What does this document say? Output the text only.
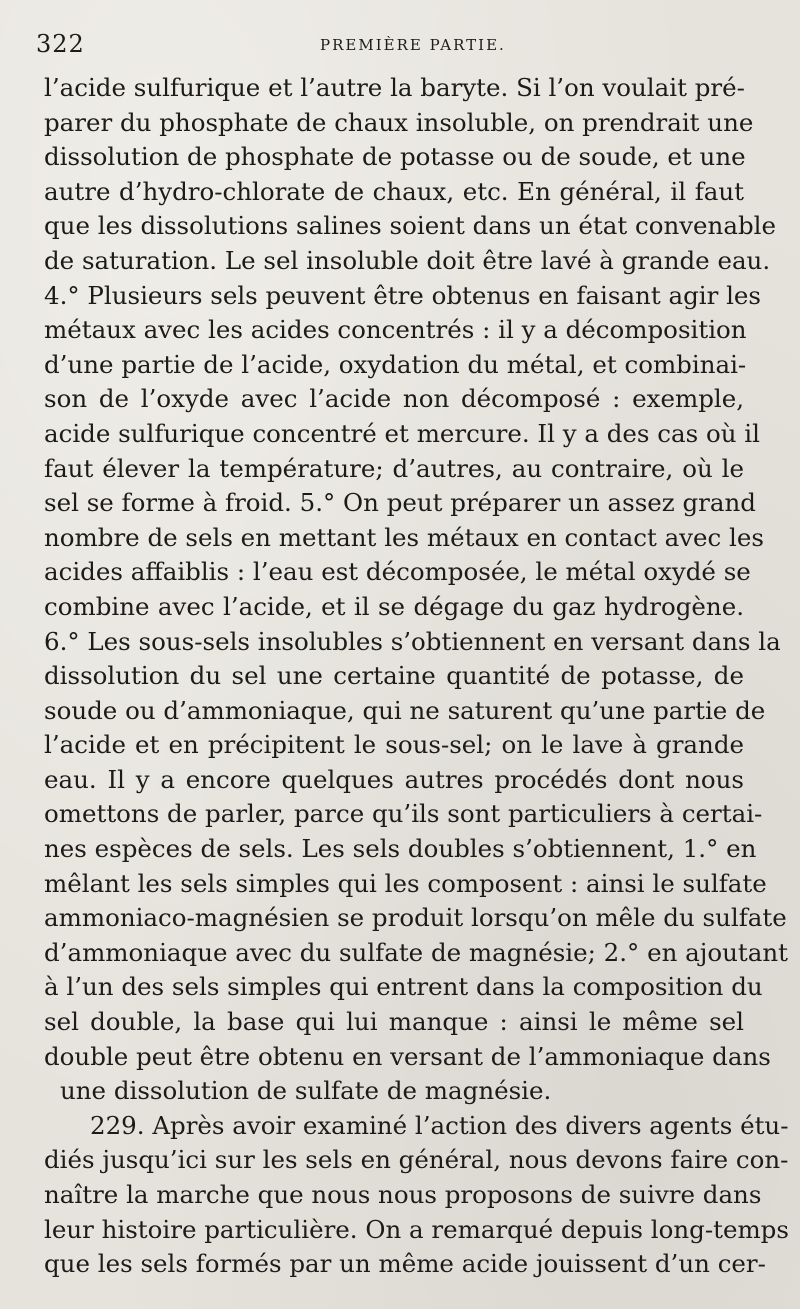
322	PREMIÈRE PARTIE.
l’acide sulfurique et l’autre la baryte. Si l’on voulait pré-
parer du phosphate de chaux insoluble, on prendrait une
dissolution de phosphate de potasse ou de soude, et une
autre d’hydro-chlorate de chaux, etc. En général, il faut
que les dissolutions salines soient dans un état convenable
de saturation. Le sel insoluble doit être lavé à grande eau.
4.° Plusieurs sels peuvent être obtenus en faisant agir les
métaux avec les acides concentrés : il y a décomposition
d’une partie de l’acide, oxydation du métal, et combinai-
son de l’oxyde avec l’acide non décomposé : exemple,
acide sulfurique concentré et mercure. Il y a des cas où il
faut élever la température; d’autres, au contraire, où le
sel se forme à froid. 5.° On peut préparer un assez grand
nombre de sels en mettant les métaux en contact avec les
acides affaiblis : l’eau est décomposée, le métal oxydé se
combine avec l’acide, et il se dégage du gaz hydrogène.
6.° Les sous-sels insolubles s’obtiennent en versant dans la
dissolution du sel une certaine quantité de potasse, de
soude ou d’ammoniaque, qui ne saturent qu’une partie de
l’acide et en précipitent le sous-sel; on le lave à grande
eau. Il y a encore quelques autres procédés dont nous
omettons de parler, parce qu’ils sont particuliers à certai-
nes espèces de sels. Les sels doubles s’obtiennent, 1.° en
mêlant les sels simples qui les composent : ainsi le sulfate
ammoniaco-magnésien se produit lorsqu’on mêle du sulfate
d’ammoniaque avec du sulfate de magnésie; 2.° en ajoutant
à l’un des sels simples qui entrent dans la composition du
sel double, la base qui lui manque : ainsi le même sel
double peut être obtenu en versant de l’ammoniaque dans
une dissolution de sulfate de magnésie.
229. Après avoir examiné l’action des divers agents étu-
diés jusqu’ici sur les sels en général, nous devons faire con-
naître la marche que nous nous proposons de suivre dans
leur histoire particulière. On a remarqué depuis long-temps
que les sels formés par un même acide jouissent d’un cer-
